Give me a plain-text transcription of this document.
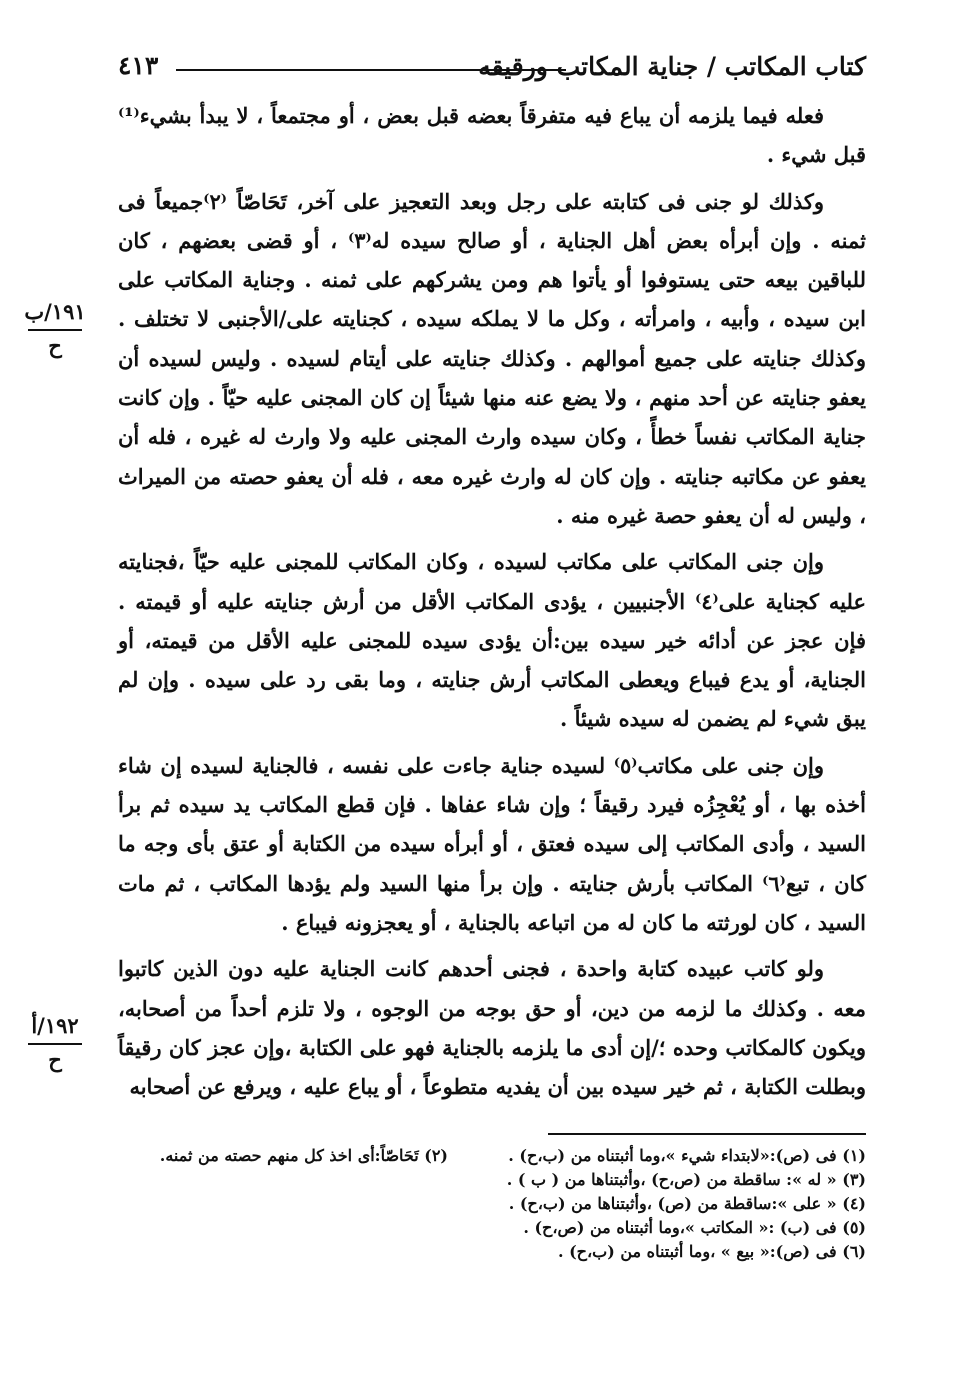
كتاب المكاتب / جناية المكاتب ورقيقه
٤١٣

فعله فيما يلزمه أن يباع فيه متفرقاً بعضه قبل بعض ، أو مجتمعاً ، لا يبدأ بشيء⁽¹⁾ قبل شيء .

وكذلك لو جنى فى كتابته على رجل وبعد التعجيز على آخر، تَحَاصّاً ⁽٢⁾جميعاً فى ثمنه . وإن أبرأه بعض أهل الجناية ، أو صالح سيده له⁽٣⁾ ، أو قضى بعضهم ، كان للباقين بيعه حتى يستوفوا أو يأتوا هم ومن يشركهم على ثمنه . وجناية المكاتب على ابن سيده ، وأبيه ، وامرأته ، وكل ما لا يملكه سيده ، كجنايته على/الأجنبى لا تختلف . وكذلك جنايته على جميع أموالهم . وكذلك جنايته على أيتام لسيده . وليس لسيده أن يعفو جنايته عن أحد منهم ، ولا يضع عنه منها شيئاً إن كان المجنى عليه حيّاً . وإن كانت جناية المكاتب نفساً خطأً ، وكان سيده وارث المجنى عليه ولا وارث له غيره ، فله أن يعفو عن مكاتبه جنايته . وإن كان له وارث غيره معه ، فله أن يعفو حصته من الميراث ، وليس له أن يعفو حصة غيره منه .

وإن جنى المكاتب على مكاتب لسيده ، وكان المكاتب للمجنى عليه حيّاً ،فجنايته عليه كجناية على⁽٤⁾ الأجنبيين ، يؤدى المكاتب الأقل من أرش جنايته عليه أو قيمته . فإن عجز عن أدائه خير سيده بين:أن يؤدى سيده للمجنى عليه الأقل من قيمته، أو الجناية، أو يدع فيباع ويعطى المكاتب أرش جنايته ، وما بقى رد على سيده . وإن لم يبق شيء لم يضمن له سيده شيئاً .

وإن جنى على مكاتب⁽٥⁾ لسيده جناية جاءت على نفسه ، فالجناية لسيده إن شاء أخذه بها ، أو يُعْجِزُه فيرد رقيقاً ؛ وإن شاء عفاها . فإن قطع المكاتب يد سيده ثم برأ السيد ، وأدى المكاتب إلى سيده فعتق ، أو أبرأه سيده من الكتابة أو عتق بأى وجه ما كان ، تبع⁽٦⁾ المكاتب بأرش جنايته . وإن برأ منها السيد ولم يؤدها المكاتب ، ثم مات السيد ، كان لورثته ما كان له من اتباعه بالجناية ، أو يعجزونه فيباع .

ولو كاتب عبيده كتابة واحدة ، فجنى أحدهم كانت الجناية عليه دون الذين كاتبوا معه . وكذلك ما لزمه من دين، أو حق بوجه من الوجوه ، ولا تلزم أحداً من أصحابه، ويكون كالمكاتب وحده ؛/إن أدى ما يلزمه بالجناية فهو على الكتابة ،وإن عجز كان رقيقاً وبطلت الكتابة ، ثم خير سيده بين أن يفديه متطوعاً ، أو يباع عليه ، ويرفع عن أصحابه

١٩١/ب
ح
١٩٢/أ
ح
(١) فى (ص):«لابتداء شيء »،وما أثبتناه من (ب،ح) .
(٢) تَحَاصّاً:أى اخذ كل منهم حصته من ثمنه.
(٣) « له »: ساقطة من (ص،ح) ،وأثبتناها من ( ب ) .
(٤) « على »:ساقطة من (ص) ،وأثبتناها من (ب،ح) .
(٥) فى (ب) :« المكاتب »،وما أثبتناه من (ص،ح) .
(٦) فى (ص):« بيع » ،وما أثبتناه من (ب،ح) .
